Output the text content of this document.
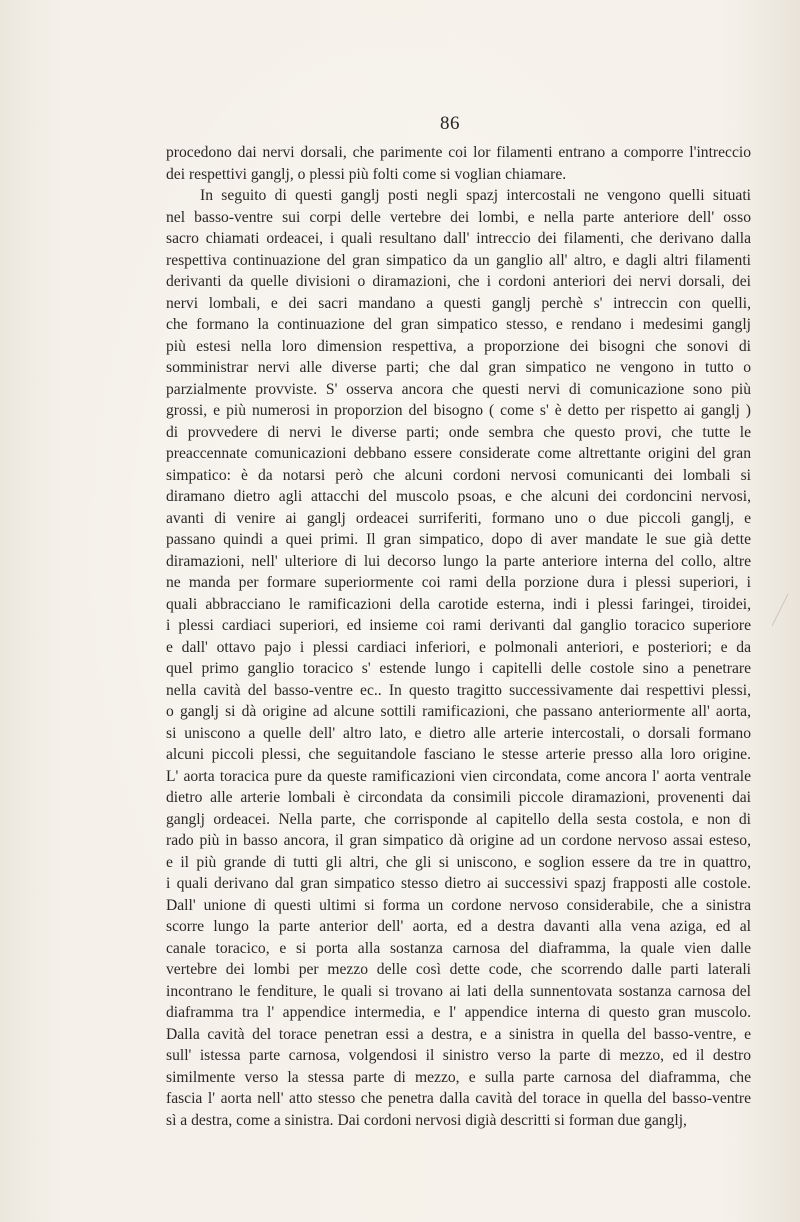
86
procedono dai nervi dorsali, che parimente coi lor filamenti entrano a comporre l'intreccio
dei respettivi ganglj, o plessi più folti come si voglian chiamare.
In seguito di questi ganglj posti negli spazj intercostali ne vengono quelli situati
nel basso-ventre sui corpi delle vertebre dei lombi, e nella parte anteriore dell' osso
sacro chiamati ordeacei, i quali resultano dall' intreccio dei filamenti, che derivano dalla
respettiva continuazione del gran simpatico da un ganglio all' altro, e dagli altri filamenti
derivanti da quelle divisioni o diramazioni, che i cordoni anteriori dei nervi dorsali, dei
nervi lombali, e dei sacri mandano a questi ganglj perchè s' intreccin con quelli,
che formano la continuazione del gran simpatico stesso, e rendano i medesimi ganglj
più estesi nella loro dimension respettiva, a proporzione dei bisogni che sonovi di
somministrar nervi alle diverse parti; che dal gran simpatico ne vengono in tutto o
parzialmente provviste. S' osserva ancora che questi nervi di comunicazione sono più
grossi, e più numerosi in proporzion del bisogno ( come s' è detto per rispetto ai ganglj )
di provvedere di nervi le diverse parti; onde sembra che questo provi, che tutte le
preaccennate comunicazioni debbano essere considerate come altrettante origini del gran
simpatico: è da notarsi però che alcuni cordoni nervosi comunicanti dei lombali si
diramano dietro agli attacchi del muscolo psoas, e che alcuni dei cordoncini nervosi,
avanti di venire ai ganglj ordeacei surriferiti, formano uno o due piccoli ganglj, e
passano quindi a quei primi. Il gran simpatico, dopo di aver mandate le sue già dette
diramazioni, nell' ulteriore di lui decorso lungo la parte anteriore interna del collo, altre
ne manda per formare superiormente coi rami della porzione dura i plessi superiori, i
quali abbracciano le ramificazioni della carotide esterna, indi i plessi faringei, tiroidei,
i plessi cardiaci superiori, ed insieme coi rami derivanti dal ganglio toracico superiore
e dall' ottavo pajo i plessi cardiaci inferiori, e polmonali anteriori, e posteriori; e da
quel primo ganglio toracico s' estende lungo i capitelli delle costole sino a penetrare
nella cavità del basso-ventre ec.. In questo tragitto successivamente dai respettivi plessi,
o ganglj si dà origine ad alcune sottili ramificazioni, che passano anteriormente all' aorta,
si uniscono a quelle dell' altro lato, e dietro alle arterie intercostali, o dorsali formano
alcuni piccoli plessi, che seguitandole fasciano le stesse arterie presso alla loro origine.
L' aorta toracica pure da queste ramificazioni vien circondata, come ancora l' aorta ventrale
dietro alle arterie lombali è circondata da consimili piccole diramazioni, provenenti dai
ganglj ordeacei. Nella parte, che corrisponde al capitello della sesta costola, e non di
rado più in basso ancora, il gran simpatico dà origine ad un cordone nervoso assai esteso,
e il più grande di tutti gli altri, che gli si uniscono, e soglion essere da tre in quattro,
i quali derivano dal gran simpatico stesso dietro ai successivi spazj frapposti alle costole.
Dall' unione di questi ultimi si forma un cordone nervoso considerabile, che a sinistra
scorre lungo la parte anterior dell' aorta, ed a destra davanti alla vena aziga, ed al
canale toracico, e si porta alla sostanza carnosa del diaframma, la quale vien dalle
vertebre dei lombi per mezzo delle così dette code, che scorrendo dalle parti laterali
incontrano le fenditure, le quali si trovano ai lati della sunnentovata sostanza carnosa del
diaframma tra l' appendice intermedia, e l' appendice interna di questo gran muscolo.
Dalla cavità del torace penetran essi a destra, e a sinistra in quella del basso-ventre, e
sull' istessa parte carnosa, volgendosi il sinistro verso la parte di mezzo, ed il destro
similmente verso la stessa parte di mezzo, e sulla parte carnosa del diaframma, che
fascia l' aorta nell' atto stesso che penetra dalla cavità del torace in quella del basso-ventre
sì a destra, come a sinistra. Dai cordoni nervosi digià descritti si forman due ganglj,
